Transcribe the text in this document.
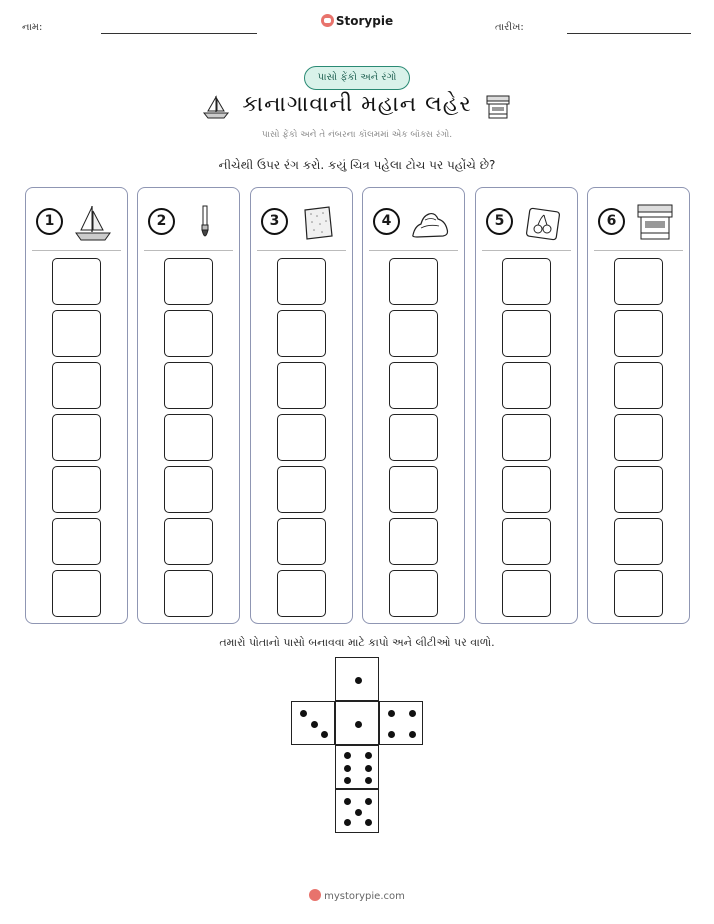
નામ:	Storypie	તારીખ:
પાસો ફેંકો અને રંગો
કાનાગાવાની મહાન લહેર
પાસો ફેંકો અને તે નંબરના કૉલમમાં એક બૉક્સ રંગો.
નીચેથી ઉપર રંગ કરો. કયું ચિત્ર પહેલા ટોચ પર પહોંચે છે?
1	2	3	4	5	6
તમારો પોતાનો પાસો બનાવવા માટે કાપો અને લીટીઓ પર વાળો.
mystorypie.com
